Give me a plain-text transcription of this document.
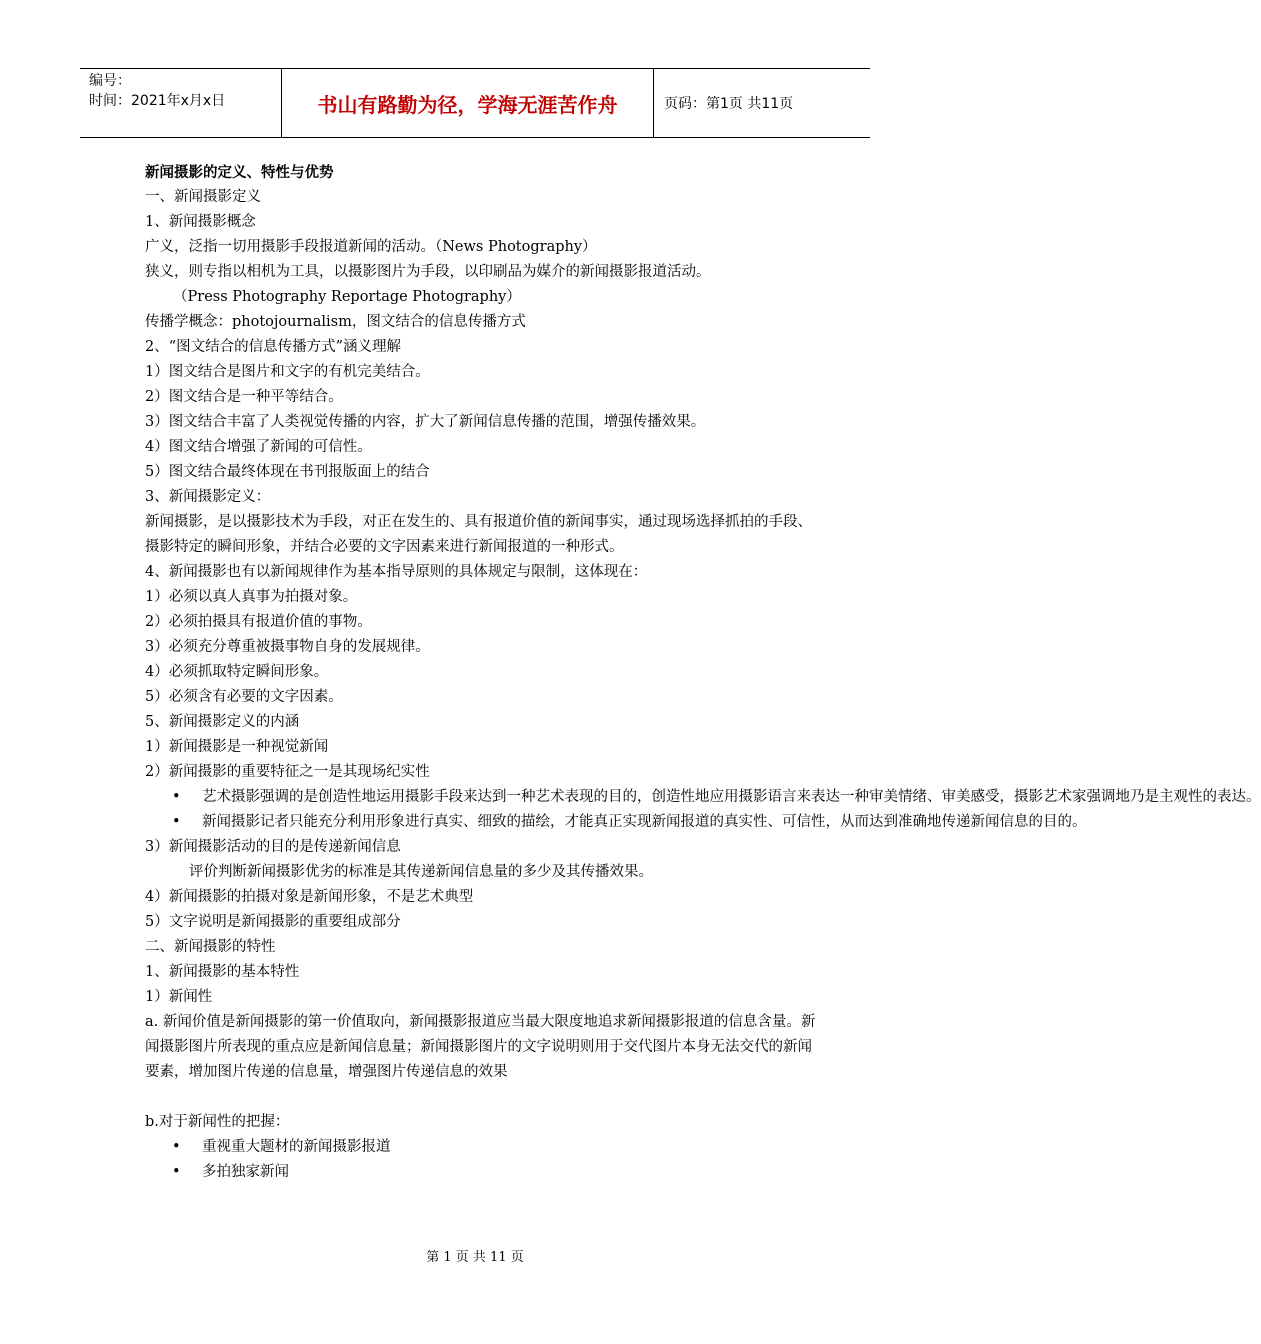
编号：
时间：2021年x月x日	书山有路勤为径，学海无涯苦作舟	页码：第1页 共11页

新闻摄影的定义、特性与优势

一、新闻摄影定义

1、新闻摄影概念

广义，泛指一切用摄影手段报道新闻的活动。（News Photography）

狭义，则专指以相机为工具，以摄影图片为手段，以印刷品为媒介的新闻摄影报道活动。

（Press Photography Reportage Photography）

传播学概念：photojournalism，图文结合的信息传播方式

2、“图文结合的信息传播方式”涵义理解

1）图文结合是图片和文字的有机完美结合。

2）图文结合是一种平等结合。

3）图文结合丰富了人类视觉传播的内容，扩大了新闻信息传播的范围，增强传播效果。

4）图文结合增强了新闻的可信性。

5）图文结合最终体现在书刊报版面上的结合

3、新闻摄影定义：

新闻摄影，是以摄影技术为手段，对正在发生的、具有报道价值的新闻事实，通过现场选择抓拍的手段、摄影特定的瞬间形象，并结合必要的文字因素来进行新闻报道的一种形式。

4、新闻摄影也有以新闻规律作为基本指导原则的具体规定与限制，这体现在：

1）必须以真人真事为拍摄对象。

2）必须拍摄具有报道价值的事物。

3）必须充分尊重被摄事物自身的发展规律。

4）必须抓取特定瞬间形象。

5）必须含有必要的文字因素。

5、新闻摄影定义的内涵

1）新闻摄影是一种视觉新闻

2）新闻摄影的重要特征之一是其现场纪实性

• 艺术摄影强调的是创造性地运用摄影手段来达到一种艺术表现的目的，创造性地应用摄影语言来表达一种审美情绪、审美感受，摄影艺术家强调地乃是主观性的表达。

• 新闻摄影记者只能充分利用形象进行真实、细致的描绘，才能真正实现新闻报道的真实性、可信性，从而达到准确地传递新闻信息的目的。

3）新闻摄影活动的目的是传递新闻信息

评价判断新闻摄影优劣的标准是其传递新闻信息量的多少及其传播效果。

4）新闻摄影的拍摄对象是新闻形象，不是艺术典型

5）文字说明是新闻摄影的重要组成部分

二、新闻摄影的特性

1、新闻摄影的基本特性

1）新闻性

a. 新闻价值是新闻摄影的第一价值取向，新闻摄影报道应当最大限度地追求新闻摄影报道的信息含量。新闻摄影图片所表现的重点应是新闻信息量；新闻摄影图片的文字说明则用于交代图片本身无法交代的新闻要素，增加图片传递的信息量，增强图片传递信息的效果

b.对于新闻性的把握：

• 重视重大题材的新闻摄影报道

• 多拍独家新闻

第 1 页 共 11 页
